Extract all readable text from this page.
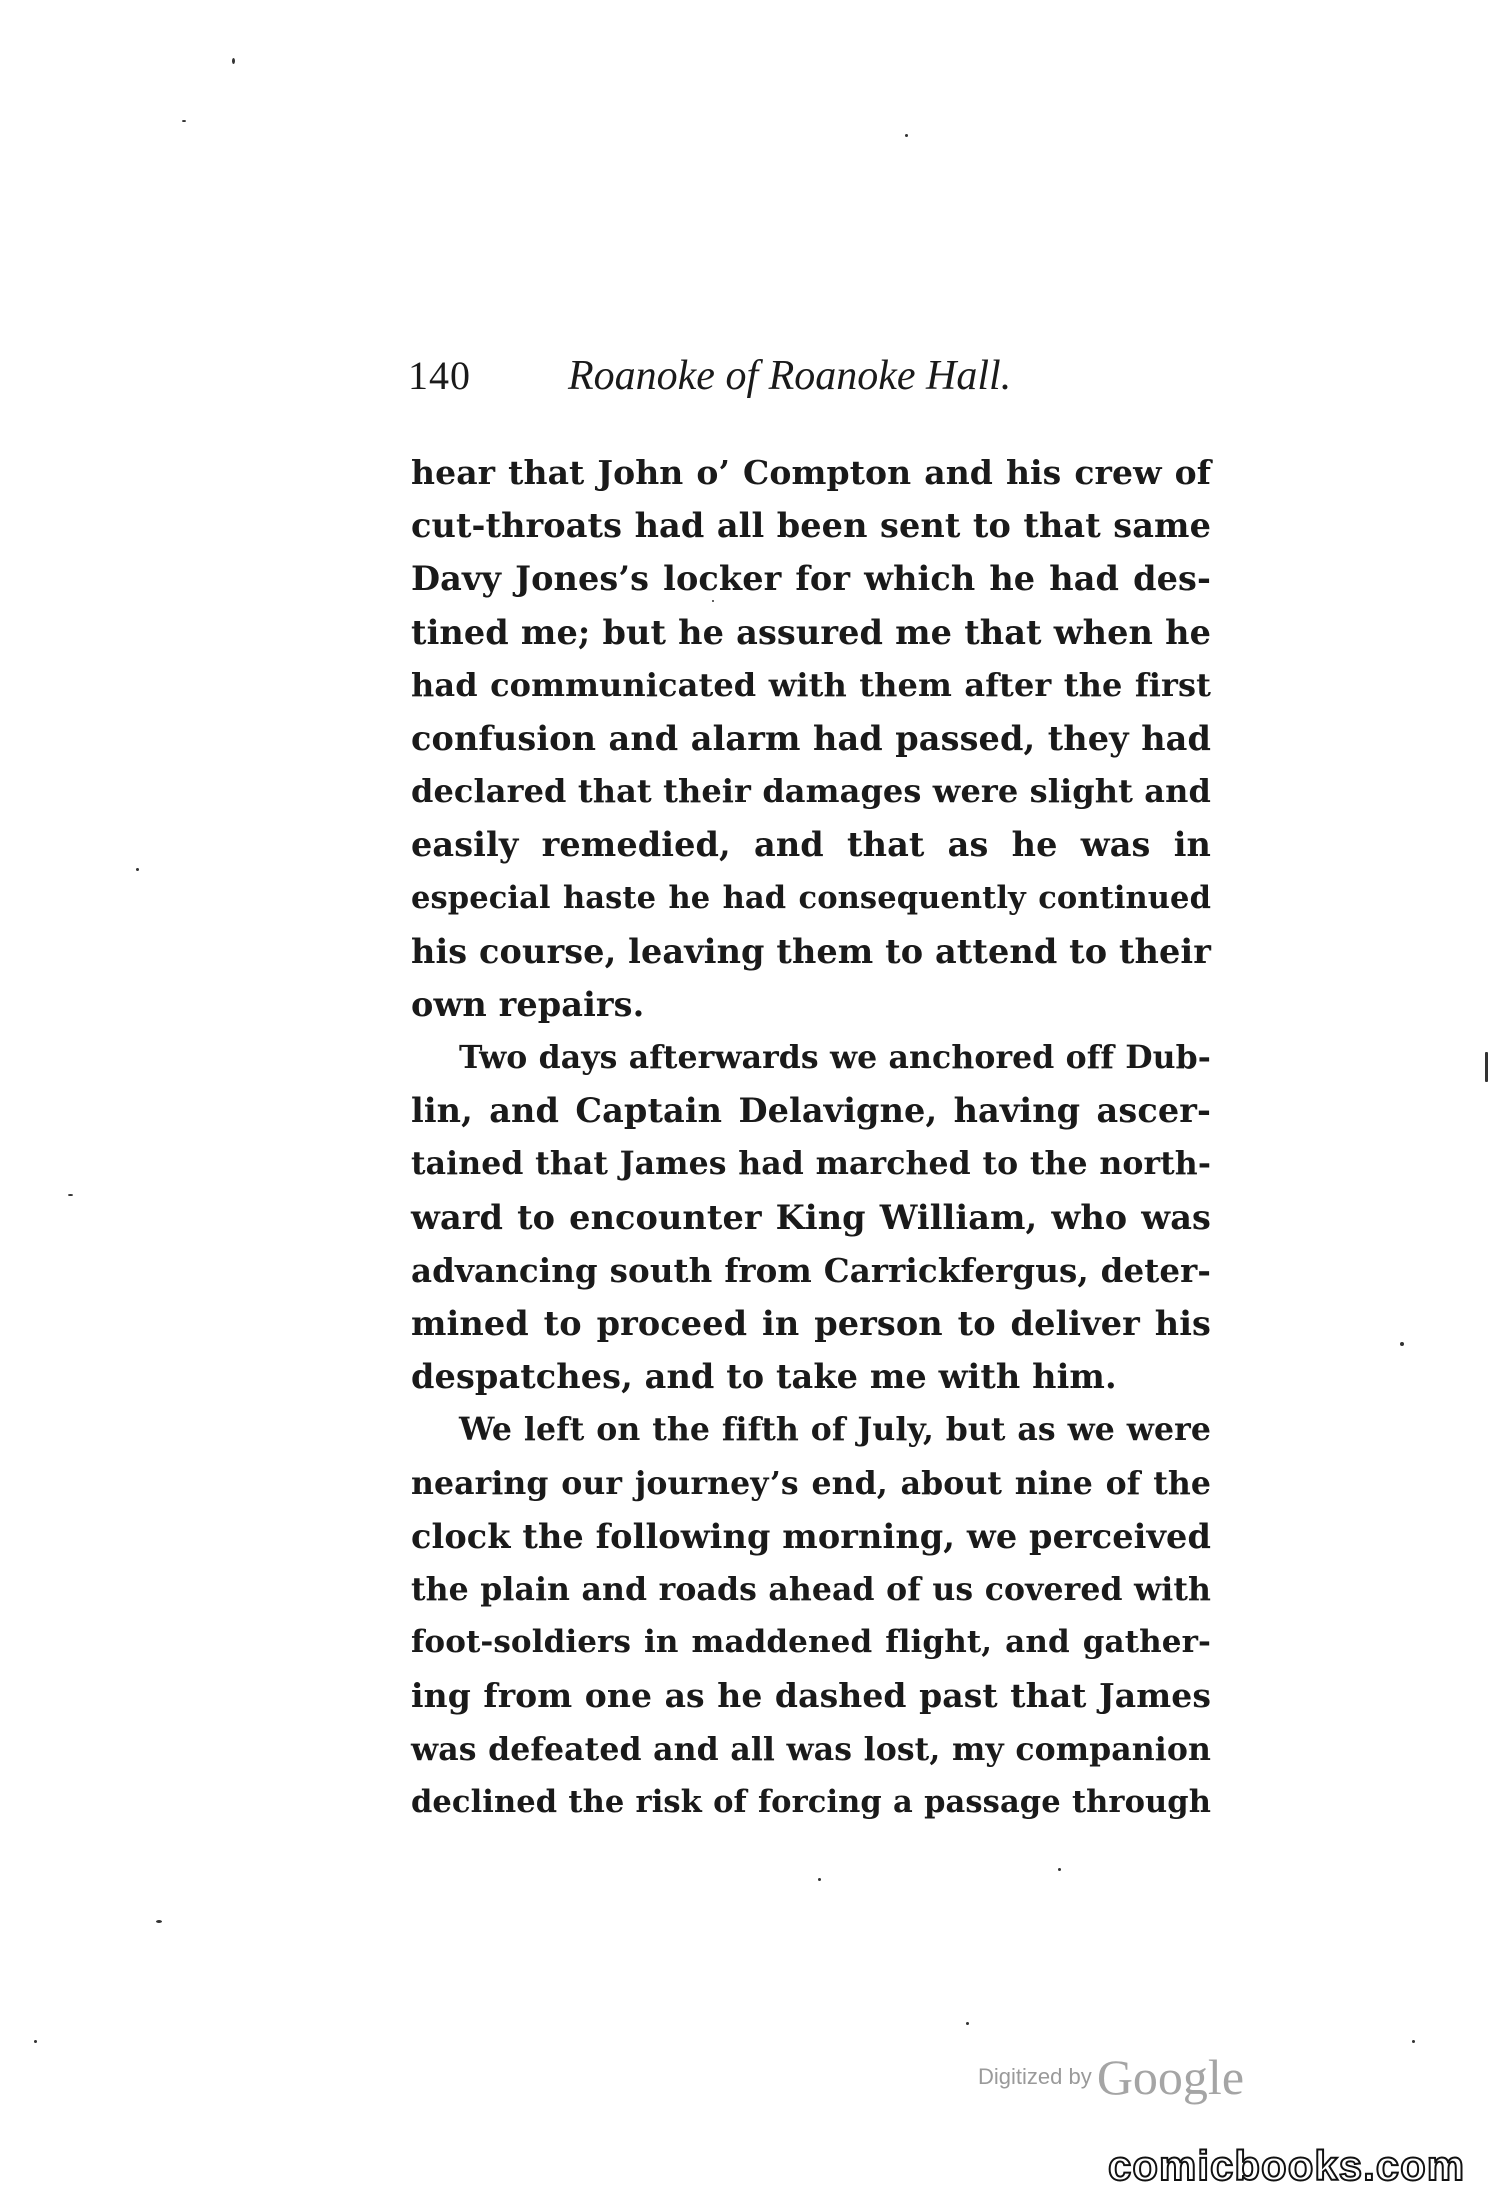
140 Roanoke of Roanoke Hall.
hear that John o’ Compton and his crew of
cut-throats had all been sent to that same
Davy Jones’s locker for which he had des-
tined me; but he assured me that when he
had communicated with them after the first
confusion and alarm had passed, they had
declared that their damages were slight and
easily remedied, and that as he was in
especial haste he had consequently continued
his course, leaving them to attend to their
own repairs.
Two days afterwards we anchored off Dub-
lin, and Captain Delavigne, having ascer-
tained that James had marched to the north-
ward to encounter King William, who was
advancing south from Carrickfergus, deter-
mined to proceed in person to deliver his
despatches, and to take me with him.
We left on the fifth of July, but as we were
nearing our journey’s end, about nine of the
clock the following morning, we perceived
the plain and roads ahead of us covered with
foot-soldiers in maddened flight, and gather-
ing from one as he dashed past that James
was defeated and all was lost, my companion
declined the risk of forcing a passage through
Digitized by Google
comicbooks.com
